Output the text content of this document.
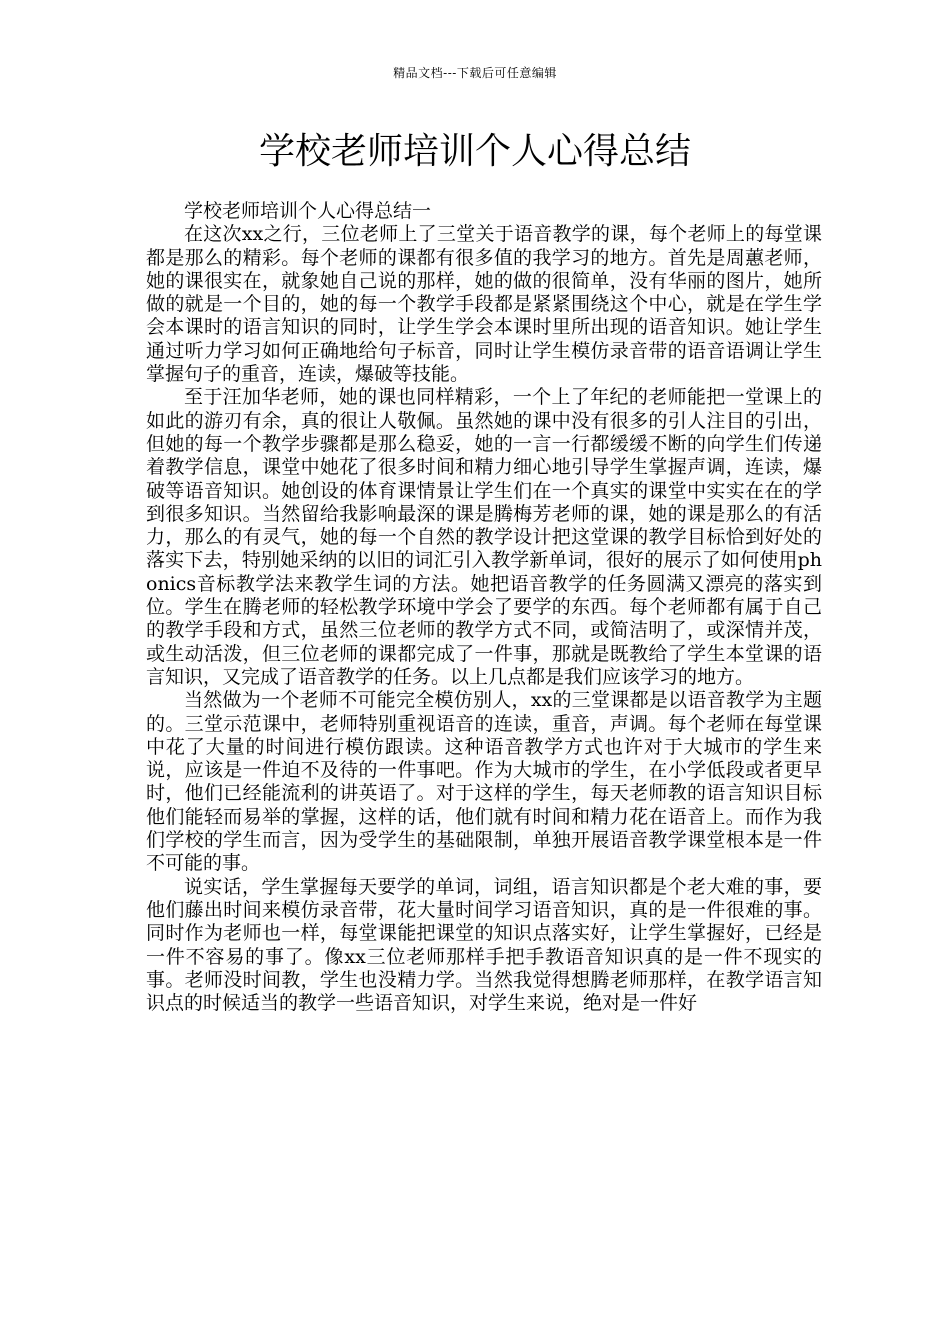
精品文档---下载后可任意编辑
学校老师培训个人心得总结

学校老师培训个人心得总结一

在这次xx之行，三位老师上了三堂关于语音教学的课，每个老师上的每堂课都是那么的精彩。每个老师的课都有很多值的我学习的地方。首先是周蕙老师，她的课很实在，就象她自己说的那样，她的做的很简单，没有华丽的图片，她所做的就是一个目的，她的每一个教学手段都是紧紧围绕这个中心，就是在学生学会本课时的语言知识的同时，让学生学会本课时里所出现的语音知识。她让学生通过听力学习如何正确地给句子标音，同时让学生模仿录音带的语音语调让学生掌握句子的重音，连读，爆破等技能。

至于汪加华老师，她的课也同样精彩，一个上了年纪的老师能把一堂课上的如此的游刃有余，真的很让人敬佩。虽然她的课中没有很多的引人注目的引出，但她的每一个教学步骤都是那么稳妥，她的一言一行都缓缓不断的向学生们传递着教学信息，课堂中她花了很多时间和精力细心地引导学生掌握声调，连读，爆破等语音知识。她创设的体育课情景让学生们在一个真实的课堂中实实在在的学到很多知识。当然留给我影响最深的课是腾梅芳老师的课，她的课是那么的有活力，那么的有灵气，她的每一个自然的教学设计把这堂课的教学目标恰到好处的落实下去，特别她采纳的以旧的词汇引入教学新单词，很好的展示了如何使用phonics音标教学法来教学生词的方法。她把语音教学的任务圆满又漂亮的落实到位。学生在腾老师的轻松教学环境中学会了要学的东西。每个老师都有属于自己的教学手段和方式，虽然三位老师的教学方式不同，或简洁明了，或深情并茂，或生动活泼，但三位老师的课都完成了一件事，那就是既教给了学生本堂课的语言知识，又完成了语音教学的任务。以上几点都是我们应该学习的地方。

当然做为一个老师不可能完全模仿别人，xx的三堂课都是以语音教学为主题的。三堂示范课中，老师特别重视语音的连读，重音，声调。每个老师在每堂课中花了大量的时间进行模仿跟读。这种语音教学方式也许对于大城市的学生来说，应该是一件迫不及待的一件事吧。作为大城市的学生，在小学低段或者更早时，他们已经能流利的讲英语了。对于这样的学生，每天老师教的语言知识目标他们能轻而易举的掌握，这样的话，他们就有时间和精力花在语音上。而作为我们学校的学生而言，因为受学生的基础限制，单独开展语音教学课堂根本是一件不可能的事。

说实话，学生掌握每天要学的单词，词组，语言知识都是个老大难的事，要他们藤出时间来模仿录音带，花大量时间学习语音知识，真的是一件很难的事。同时作为老师也一样，每堂课能把课堂的知识点落实好，让学生掌握好，已经是一件不容易的事了。像xx三位老师那样手把手教语音知识真的是一件不现实的事。老师没时间教，学生也没精力学。当然我觉得想腾老师那样，在教学语言知识点的时候适当的教学一些语音知识，对学生来说，绝对是一件好
